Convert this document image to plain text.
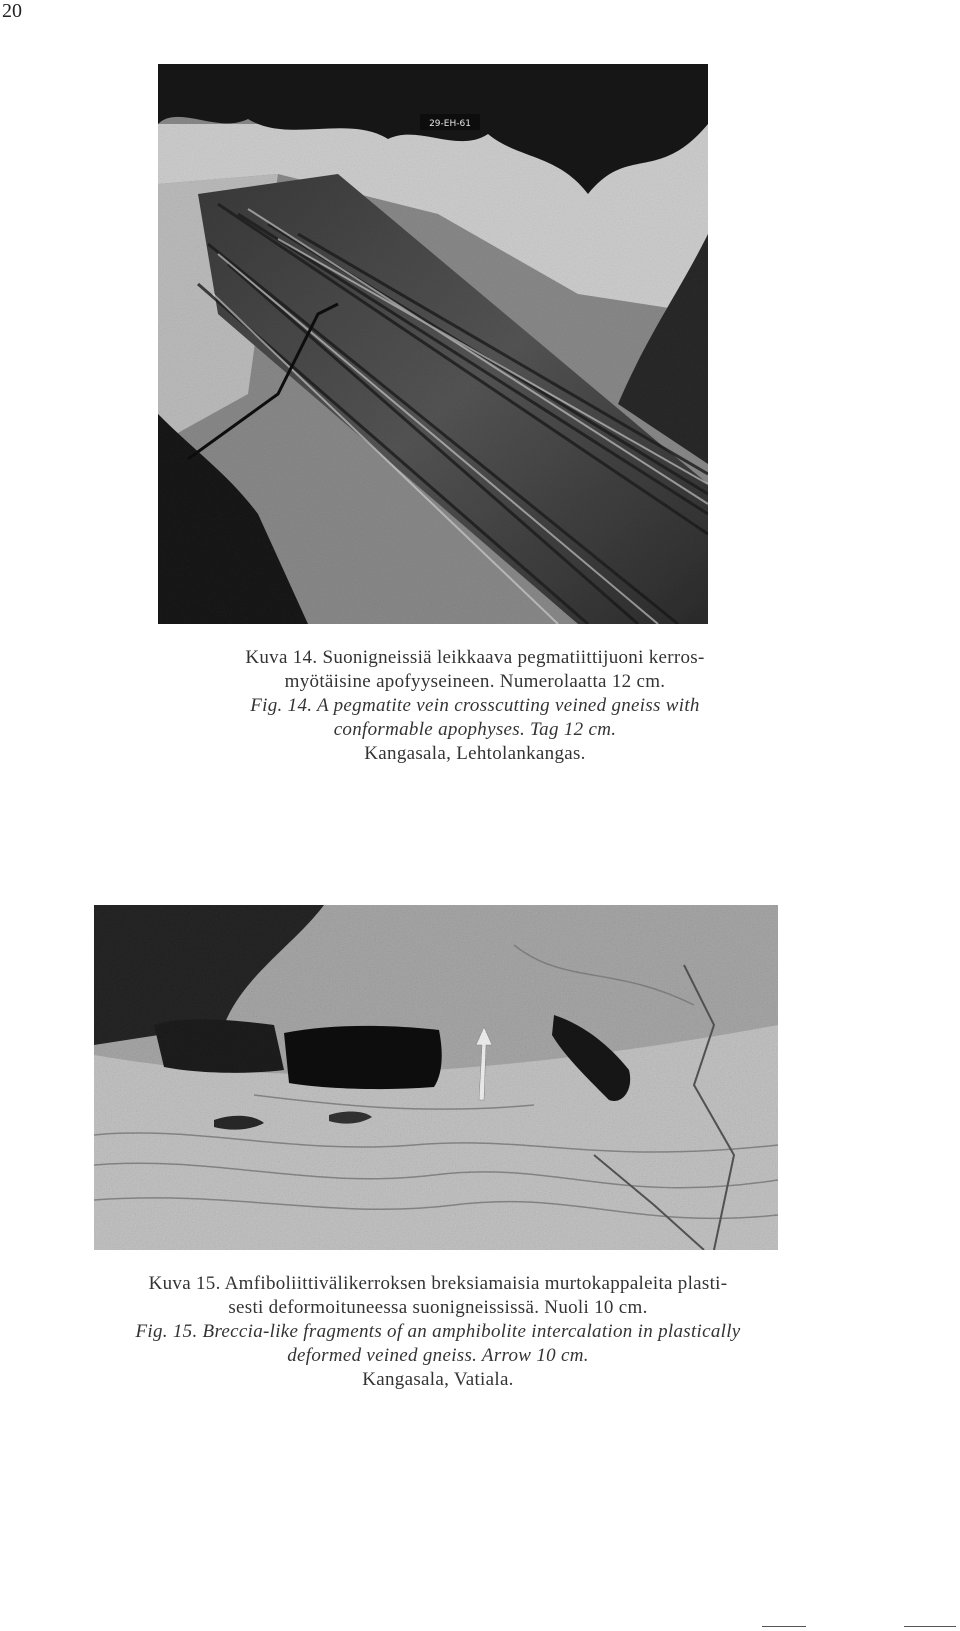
20
29-EH-61
Kuva 14. Suonigneissiä leikkaava pegmatiittijuoni kerros-
myötäisine apofyyseineen. Numerolaatta 12 cm.
Fig. 14. A pegmatite vein crosscutting veined gneiss with
conformable apophyses. Tag 12 cm.
Kangasala, Lehtolankangas.
Kuva 15. Amfiboliittivälikerroksen breksiamaisia murtokappaleita plasti-
sesti deformoituneessa suonigneississä. Nuoli 10 cm.
Fig. 15. Breccia-like fragments of an amphibolite intercalation in plastically
deformed veined gneiss. Arrow 10 cm.
Kangasala, Vatiala.
